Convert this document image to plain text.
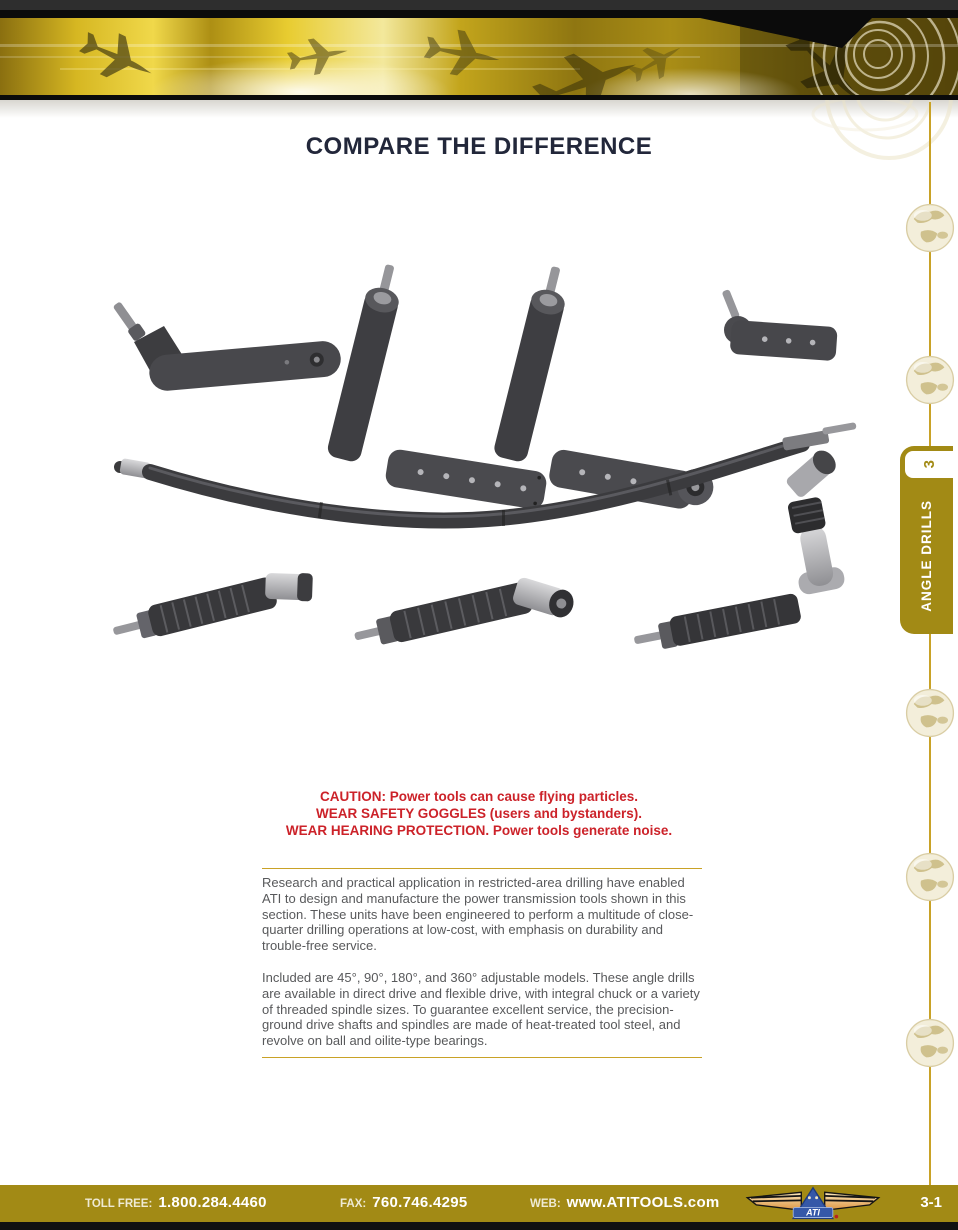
COMPARE THE DIFFERENCE
3
ANGLE DRILLS
CAUTION: Power tools can cause flying particles.
WEAR SAFETY GOGGLES (users and bystanders).
WEAR HEARING PROTECTION. Power tools generate noise.

Research and practical application in restricted-area drilling have enabled ATI to design and manufacture the power transmission tools shown in this section. These units have been engineered to perform a multitude of close-quarter drilling operations at low-cost, with emphasis on durability and trouble-free service.

Included are 45°, 90°, 180°, and 360° adjustable models. These angle drills are available in direct drive and flexible drive, with integral chuck or a variety of threaded spindle sizes. To guarantee excellent service, the precision-ground drive shafts and spindles are made of heat-treated tool steel, and revolve on ball and oilite-type bearings.

TOLL FREE: 1.800.284.4460	FAX: 760.746.4295	WEB: www.ATITOOLS.com
ATI
3-1
